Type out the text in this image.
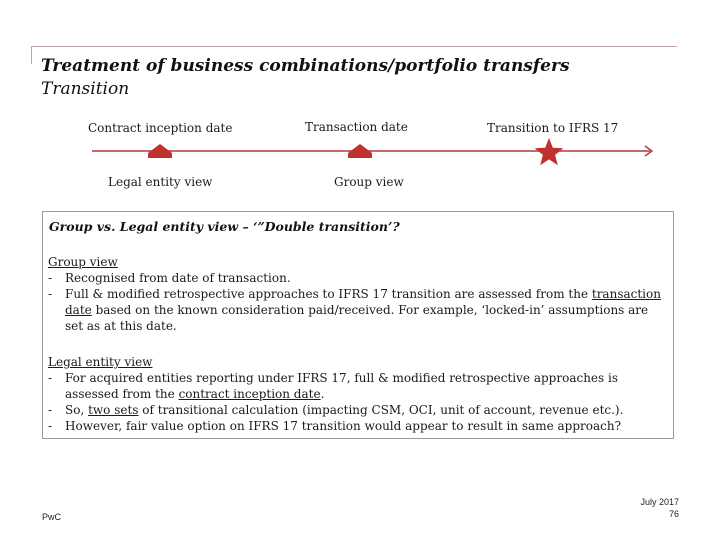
Treatment of business combinations/portfolio transfers
Transition
Contract inception date	Transaction date	Transition to IFRS 17
Legal entity view	Group view
Group vs. Legal entity view – ‘”Double transition’?
Group view
- Recognised from date of transaction.
- Full & modified retrospective approaches to IFRS 17 transition are assessed from the transaction date based on the known consideration paid/received. For example, ‘locked-in’ assumptions are set as at this date.
Legal entity view
- For acquired entities reporting under IFRS 17, full & modified retrospective approaches is assessed from the contract inception date.
- So, two sets of transitional calculation (impacting CSM, OCI, unit of account, revenue etc.).
- However, fair value option on IFRS 17 transition would appear to result in same approach?
PwC
July 2017
76
